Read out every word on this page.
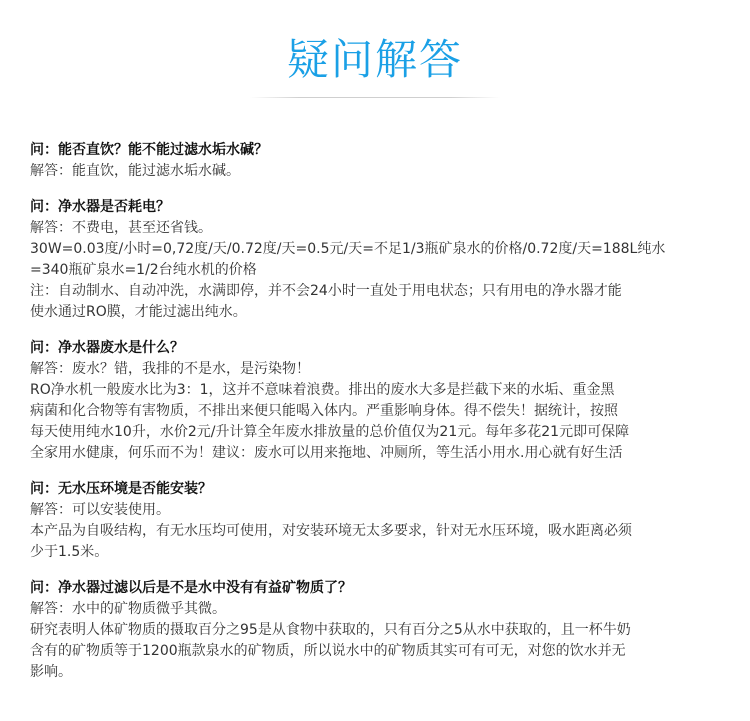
疑问解答
问：能否直饮？能不能过滤水垢水碱？
解答：能直饮，能过滤水垢水碱。
问：净水器是否耗电？
解答：不费电，甚至还省钱。
30W=0.03度/小时=0,72度/天/0.72度/天=0.5元/天=不足1/3瓶矿泉水的价格/0.72度/天=188L纯水
=340瓶矿泉水=1/2台纯水机的价格
注：自动制水、自动冲洗，水满即停，并不会24小时一直处于用电状态；只有用电的净水器才能
使水通过RO膜，才能过滤出纯水。
问：净水器废水是什么？
解答：废水？错，我排的不是水，是污染物！
RO净水机一般废水比为3：1，这并不意味着浪费。排出的废水大多是拦截下来的水垢、重金黑
病菌和化合物等有害物质，不排出来便只能喝入体内。严重影响身体。得不偿失！据统计，按照
每天使用纯水10升，水价2元/升计算全年废水排放量的总价值仅为21元。每年多花21元即可保障
全家用水健康，何乐而不为！建议：废水可以用来拖地、冲厕所，等生活小用水.用心就有好生活
问：无水压环境是否能安装？
解答：可以安装使用。
本产品为自吸结构，有无水压均可使用，对安装环境无太多要求，针对无水压环境，吸水距离必须
少于1.5米。
问：净水器过滤以后是不是水中没有有益矿物质了？
解答：水中的矿物质微乎其微。
研究表明人体矿物质的摄取百分之95是从食物中获取的，只有百分之5从水中获取的，且一杯牛奶
含有的矿物质等于1200瓶款泉水的矿物质，所以说水中的矿物质其实可有可无，对您的饮水并无
影响。
